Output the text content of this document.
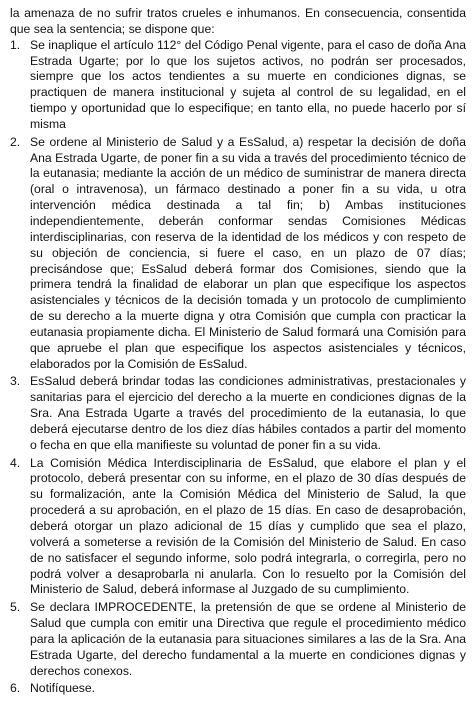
la amenaza de no sufrir tratos crueles e inhumanos. En consecuencia, consentida que sea la sentencia; se dispone que:

1. Se inaplique el artículo 112° del Código Penal vigente, para el caso de doña Ana Estrada Ugarte; por lo que los sujetos activos, no podrán ser procesados, siempre que los actos tendientes a su muerte en condiciones dignas, se practiquen de manera institucional y sujeta al control de su legalidad, en el tiempo y oportunidad que lo especifique; en tanto ella, no puede hacerlo por sí misma
2. Se ordene al Ministerio de Salud y a EsSalud, a) respetar la decisión de doña Ana Estrada Ugarte, de poner fin a su vida a través del procedimiento técnico de la eutanasia; mediante la acción de un médico de suministrar de manera directa (oral o intravenosa), un fármaco destinado a poner fin a su vida, u otra intervención médica destinada a tal fin; b) Ambas instituciones independientemente, deberán conformar sendas Comisiones Médicas interdisciplinarias, con reserva de la identidad de los médicos y con respeto de su objeción de conciencia, si fuere el caso, en un plazo de 07 días; precisándose que; EsSalud deberá formar dos Comisiones, siendo que la primera tendrá la finalidad de elaborar un plan que especifique los aspectos asistenciales y técnicos de la decisión tomada y un protocolo de cumplimiento de su derecho a la muerte digna y otra Comisión que cumpla con practicar la eutanasia propiamente dicha. El Ministerio de Salud formará una Comisión para que apruebe el plan que especifique los aspectos asistenciales y técnicos, elaborados por la Comisión de EsSalud.
3. EsSalud deberá brindar todas las condiciones administrativas, prestacionales y sanitarias para el ejercicio del derecho a la muerte en condiciones dignas de la Sra. Ana Estrada Ugarte a través del procedimiento de la eutanasia, lo que deberá ejecutarse dentro de los diez días hábiles contados a partir del momento o fecha en que ella manifieste su voluntad de poner fin a su vida.
4. La Comisión Médica Interdisciplinaria de EsSalud, que elabore el plan y el protocolo, deberá presentar con su informe, en el plazo de 30 días después de su formalización, ante la Comisión Médica del Ministerio de Salud, la que procederá a su aprobación, en el plazo de 15 días. En caso de desaprobación, deberá otorgar un plazo adicional de 15 días y cumplido que sea el plazo, volverá a someterse a revisión de la Comisión del Ministerio de Salud. En caso de no satisfacer el segundo informe, solo podrá integrarla, o corregirla, pero no podrá volver a desaprobarla ni anularla. Con lo resuelto por la Comisión del Ministerio de Salud, deberá informase al Juzgado de su cumplimiento.
5. Se declara IMPROCEDENTE, la pretensión de que se ordene al Ministerio de Salud que cumpla con emitir una Directiva que regule el procedimiento médico para la aplicación de la eutanasia para situaciones similares a las de la Sra. Ana Estrada Ugarte, del derecho fundamental a la muerte en condiciones dignas y derechos conexos.
6. Notifíquese.
